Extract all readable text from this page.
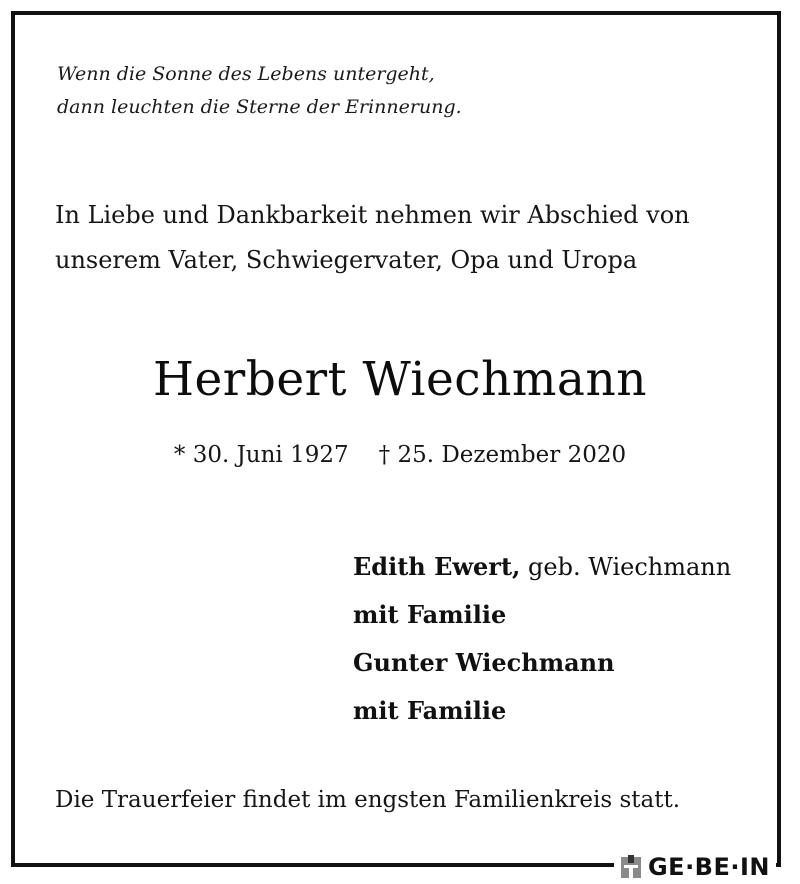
Wenn die Sonne des Lebens untergeht,
dann leuchten die Sterne der Erinnerung.
In Liebe und Dankbarkeit nehmen wir Abschied von
unserem Vater, Schwiegervater, Opa und Uropa
Herbert Wiechmann
* 30. Juni 1927 † 25. Dezember 2020
Edith Ewert, geb. Wiechmann
mit Familie
Gunter Wiechmann
mit Familie
Die Trauerfeier findet im engsten Familienkreis statt.
GE·BE·IN
